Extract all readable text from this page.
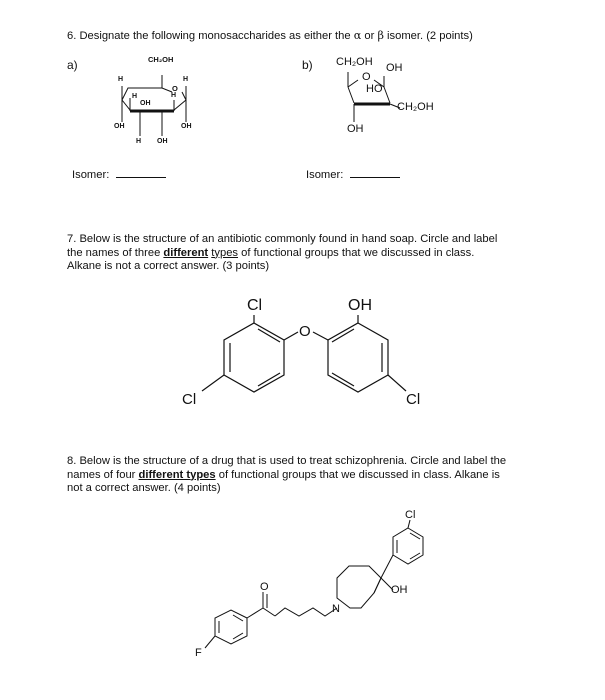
6. Designate the following monosaccharides as either the α or β isomer. (2 points)
a)	b)
CH₂OH
O
H	H
H	H
OH
OH	OH
H OH
CH₂OH OH
O
HO
CH₂OH
OH
Isomer:	Isomer:
7. Below is the structure of an antibiotic commonly found in hand soap. Circle and label
the names of three different types of functional groups that we discussed in class.
Alkane is not a correct answer. (3 points)
Cl	OH
O
Cl	Cl
8. Below is the structure of a drug that is used to treat schizophrenia. Circle and label the
names of four different types of functional groups that we discussed in class. Alkane is
not a correct answer. (4 points)
Cl
OH
N
O
F
